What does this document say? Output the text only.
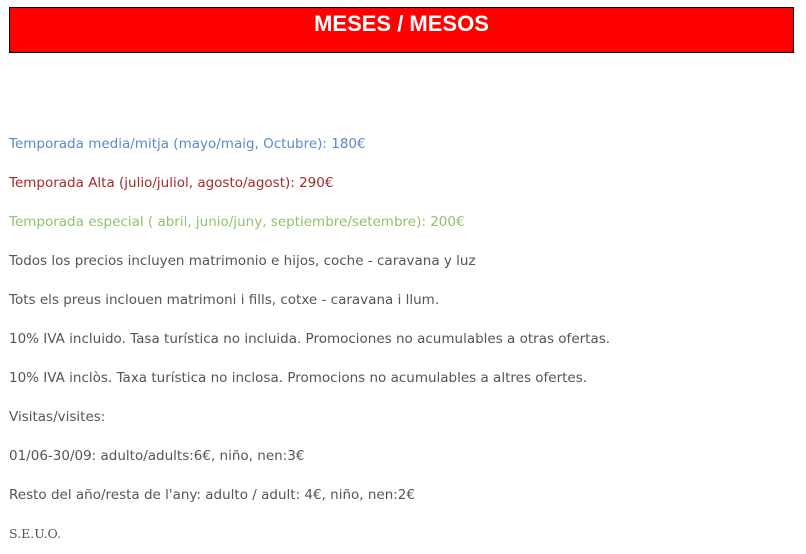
MESES / MESOS

Temporada media/mitja (mayo/maig, Octubre): 180€

Temporada Alta (julio/juliol, agosto/agost): 290€

Temporada especial ( abril, junio/juny, septiembre/setembre): 200€

Todos los precios incluyen matrimonio e hijos, coche - caravana y luz

Tots els preus inclouen matrimoni i fills, cotxe - caravana i llum.

10% IVA incluido. Tasa turística no incluida. Promociones no acumulables a otras ofertas.

10% IVA inclòs. Taxa turística no inclosa. Promocions no acumulables a altres ofertes.

Visitas/visites:

01/06-30/09: adulto/adults:6€, niño, nen:3€

Resto del año/resta de l'any: adulto / adult: 4€, niño, nen:2€

S.E.U.O.
